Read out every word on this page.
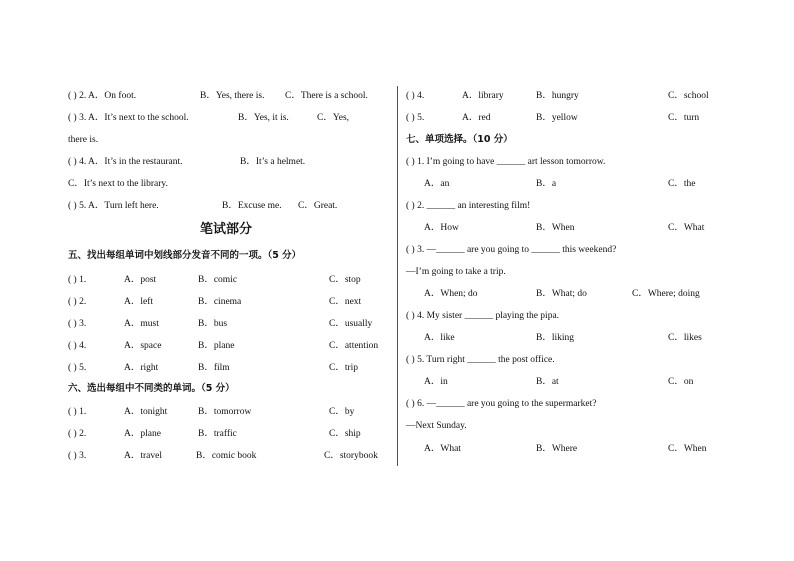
( ) 2. A．On foot.	B．Yes, there is. C．There is a school.
( ) 3. A．It’s next to the school.	B．Yes, it is.	C．Yes,
there is.
( ) 4. A．It’s in the restaurant.	B．It’s a helmet.
C．It’s next to the library.
( ) 5. A．Turn left here.	B．Excuse me. C．Great.
笔试部分
五、找出每组单词中划线部分发音不同的一项。（5 分）
( ) 1.	A．post	B．comic	C．stop
( ) 2.	A．left	B．cinema	C．next
( ) 3.	A．must	B．bus	C．usually
( ) 4.	A．space	B．plane	C．attention
( ) 5.	A．right	B．film	C．trip
六、选出每组中不同类的单词。（5 分）
( ) 1.	A．tonight	B．tomorrow	C．by
( ) 2.	A．plane	B．traffic	C．ship
( ) 3.	A．travel	B．comic book	C．storybook
( ) 4.	A．library	B．hungry	C．school
( ) 5.	A．red	B．yellow	C．turn
七、单项选择。（10 分）
( ) 1. I’m going to have ______ art lesson tomorrow.
A．an	B．a	C．the
( ) 2. ______ an interesting film!
A．How	B．When	C．What
( ) 3. —______ are you going to ______ this weekend?
—I’m going to take a trip.
A．When; do	B．What; do	C．Where; doing
( ) 4. My sister ______ playing the pipa.
A．like	B．liking	C．likes
( ) 5. Turn right ______ the post office.
A．in	B．at	C．on
( ) 6. —______ are you going to the supermarket?
—Next Sunday.
A．What	B．Where	C．When
